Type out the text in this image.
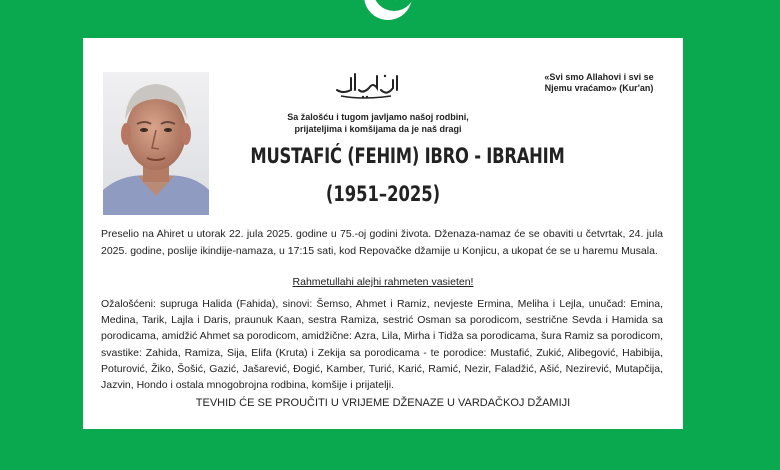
«Svi smo Allahovi i svi se Njemu vraćamo» (Kur'an)
Sa žalošću i tugom javljamo našoj rodbini,
prijateljima i komšijama da je naš dragi
MUSTAFIĆ (FEHIM) IBRO - IBRAHIM
(1951–2025)
Preselio na Ahiret u utorak 22. jula 2025. godine u 75.-oj godini života. Dženaza-namaz će se obaviti u četvrtak, 24. jula 2025. godine, poslije ikindije-namaza, u 17:15 sati, kod Repovačke džamije u Konjicu, a ukopat će se u haremu Musala.
Rahmetullahi alejhi rahmeten vasieten!
Ožalošćeni: supruga Halida (Fahida), sinovi: Šemso, Ahmet i Ramiz, nevjeste Ermina, Meliha i Lejla, unučad: Emina, Medina, Tarik, Lajla i Daris, praunuk Kaan, sestra Ramiza, sestrić Osman sa porodicom, sestrične Sevda i Hamida sa porodicama, amidžić Ahmet sa porodicom, amidžične: Azra, Lila, Mirha i Tidža sa porodicama, šura Ramiz sa porodicom, svastike: Zahida, Ramiza, Sija, Elifa (Kruta) i Zekija sa porodicama - te porodice: Mustafić, Zukić, Alibegović, Habibija, Poturović, Žiko, Šošić, Gazić, Jašarević, Đogić, Kamber, Turić, Karić, Ramić, Nezir, Faladžić, Ašić, Nezirević, Mutapčija, Jazvin, Hondo i ostala mnogobrojna rodbina, komšije i prijatelji.
TEVHID ĆE SE PROUČITI U VRIJEME DŽENAZE U VARDAČKOJ DŽAMIJI
